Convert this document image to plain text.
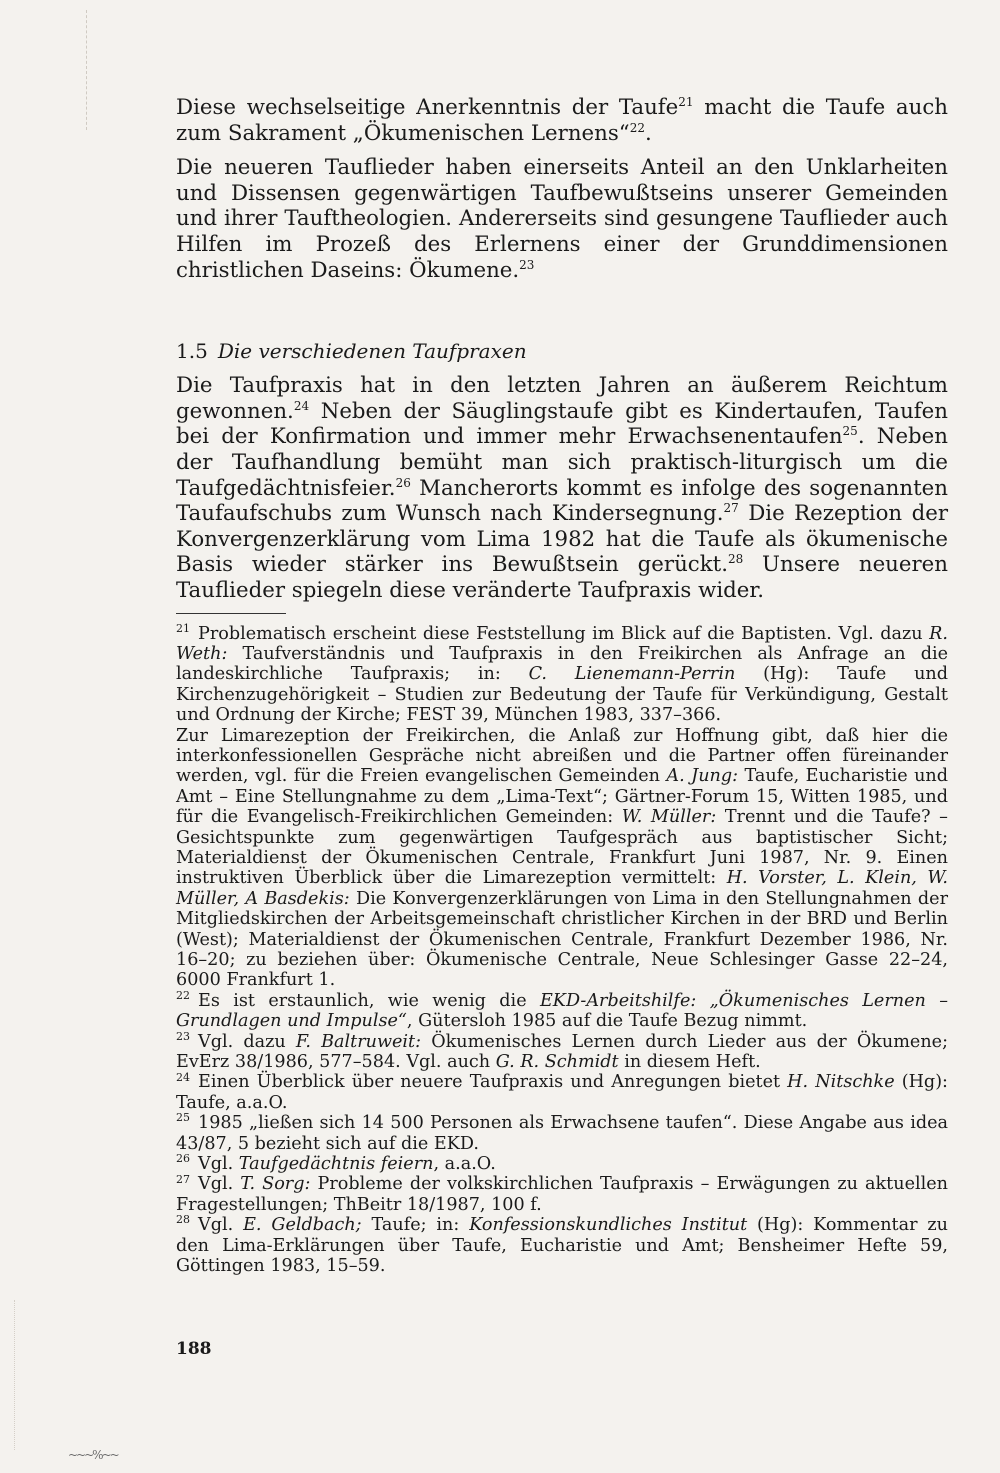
Diese wechselseitige Anerkenntnis der Taufe$^{21}$ macht die Taufe auch zum Sakrament „Ökumenischen Lernens“$^{22}$.

Die neueren Tauflieder haben einerseits Anteil an den Unklarheiten und Dissensen gegenwärtigen Taufbewußtseins unserer Gemeinden und ihrer Tauftheologien. Andererseits sind gesungene Tauflieder auch Hilfen im Prozeß des Erlernens einer der Grunddimensionen christlichen Daseins: Ökumene.$^{23}$

1.5 Die verschiedenen Taufpraxen

Die Taufpraxis hat in den letzten Jahren an äußerem Reichtum gewonnen.$^{24}$ Neben der Säuglingstaufe gibt es Kindertaufen, Taufen bei der Konfirmation und immer mehr Erwachsenentaufen$^{25}$. Neben der Taufhandlung bemüht man sich praktisch-liturgisch um die Taufgedächtnisfeier.$^{26}$ Mancherorts kommt es infolge des sogenannten Taufaufschubs zum Wunsch nach Kindersegnung.$^{27}$ Die Rezeption der Konvergenzerklärung vom Lima 1982 hat die Taufe als ökumenische Basis wieder stärker ins Bewußtsein gerückt.$^{28}$ Unsere neueren Tauflieder spiegeln diese veränderte Taufpraxis wider.

$^{21}$ Problematisch erscheint diese Feststellung im Blick auf die Baptisten. Vgl. dazu R. Weth: Taufverständnis und Taufpraxis in den Freikirchen als Anfrage an die landeskirchliche Taufpraxis; in: C. Lienemann-Perrin (Hg): Taufe und Kirchenzugehörigkeit – Studien zur Bedeutung der Taufe für Verkündigung, Gestalt und Ordnung der Kirche; FEST 39, München 1983, 337–366.

Zur Limarezeption der Freikirchen, die Anlaß zur Hoffnung gibt, daß hier die interkonfessionellen Gespräche nicht abreißen und die Partner offen füreinander werden, vgl. für die Freien evangelischen Gemeinden A. Jung: Taufe, Eucharistie und Amt – Eine Stellungnahme zu dem „Lima-Text“; Gärtner-Forum 15, Witten 1985, und für die Evangelisch-Freikirchlichen Gemeinden: W. Müller: Trennt und die Taufe? – Gesichtspunkte zum gegenwärtigen Taufgespräch aus baptistischer Sicht; Materialdienst der Ökumenischen Centrale, Frankfurt Juni 1987, Nr. 9. Einen instruktiven Überblick über die Limarezeption vermittelt: H. Vorster, L. Klein, W. Müller, A Basdekis: Die Konvergenzerklärungen von Lima in den Stellungnahmen der Mitgliedskirchen der Arbeitsgemeinschaft christlicher Kirchen in der BRD und Berlin (West); Materialdienst der Ökumenischen Centrale, Frankfurt Dezember 1986, Nr. 16–20; zu beziehen über: Ökumenische Centrale, Neue Schlesinger Gasse 22–24, 6000 Frankfurt 1.

$^{22}$ Es ist erstaunlich, wie wenig die EKD-Arbeitshilfe: „Ökumenisches Lernen – Grundlagen und Impulse“, Gütersloh 1985 auf die Taufe Bezug nimmt.

$^{23}$ Vgl. dazu F. Baltruweit: Ökumenisches Lernen durch Lieder aus der Ökumene; EvErz 38/1986, 577–584. Vgl. auch G. R. Schmidt in diesem Heft.

$^{24}$ Einen Überblick über neuere Taufpraxis und Anregungen bietet H. Nitschke (Hg): Taufe, a.a.O.

$^{25}$ 1985 „ließen sich 14 500 Personen als Erwachsene taufen“. Diese Angabe aus idea 43/87, 5 bezieht sich auf die EKD.

$^{26}$ Vgl. Taufgedächtnis feiern, a.a.O.

$^{27}$ Vgl. T. Sorg: Probleme der volkskirchlichen Taufpraxis – Erwägungen zu aktuellen Fragestellungen; ThBeitr 18/1987, 100 f.

$^{28}$ Vgl. E. Geldbach; Taufe; in: Konfessionskundliches Institut (Hg): Kommentar zu den Lima-Erklärungen über Taufe, Eucharistie und Amt; Bensheimer Hefte 59, Göttingen 1983, 15–59.

188
~~~%~~
